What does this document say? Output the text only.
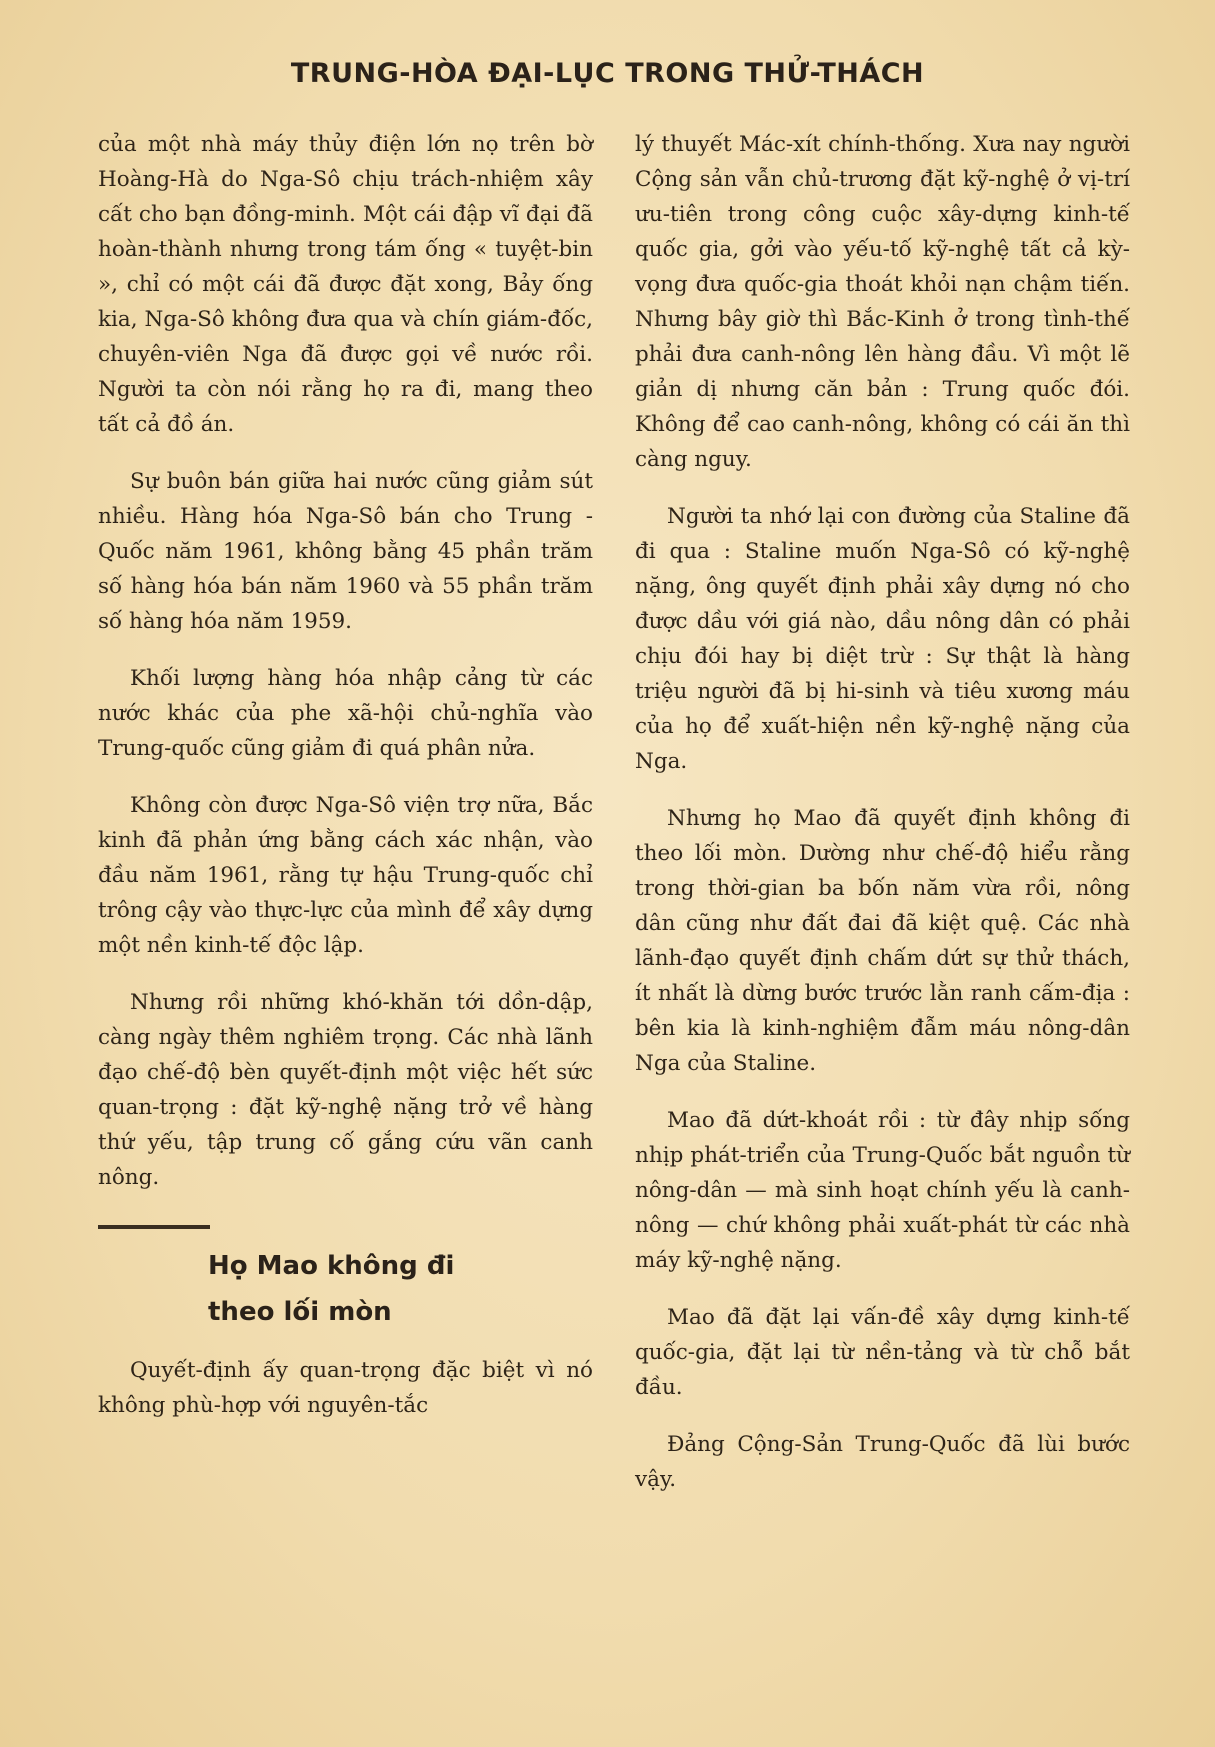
TRUNG-HÒA ĐẠI-LỤC TRONG THỬ-THÁCH

của một nhà máy thủy điện lớn nọ trên bờ Hoàng-Hà do Nga-Sô chịu trách-nhiệm xây cất cho bạn đồng-minh. Một cái đập vĩ đại đã hoàn-thành nhưng trong tám ống « tuyệt-bin », chỉ có một cái đã được đặt xong, Bảy ống kia, Nga-Sô không đưa qua và chín giám-đốc, chuyên-viên Nga đã được gọi về nước rồi. Người ta còn nói rằng họ ra đi, mang theo tất cả đồ án.

Sự buôn bán giữa hai nước cũng giảm sút nhiều. Hàng hóa Nga-Sô bán cho Trung - Quốc năm 1961, không bằng 45 phần trăm số hàng hóa bán năm 1960 và 55 phần trăm số hàng hóa năm 1959.

Khối lượng hàng hóa nhập cảng từ các nước khác của phe xã-hội chủ-nghĩa vào Trung-quốc cũng giảm đi quá phân nửa.

Không còn được Nga-Sô viện trợ nữa, Bắc kinh đã phản ứng bằng cách xác nhận, vào đầu năm 1961, rằng tự hậu Trung-quốc chỉ trông cậy vào thực-lực của mình để xây dựng một nền kinh-tế độc lập.

Nhưng rồi những khó-khăn tới dồn-dập, càng ngày thêm nghiêm trọng. Các nhà lãnh đạo chế-độ bèn quyết-định một việc hết sức quan-trọng : đặt kỹ-nghệ nặng trở về hàng thứ yếu, tập trung cố gắng cứu vãn canh nông.

Họ Mao không đi
theo lối mòn

Quyết-định ấy quan-trọng đặc biệt vì nó không phù-hợp với nguyên-tắc

lý thuyết Mác-xít chính-thống. Xưa nay người Cộng sản vẫn chủ-trương đặt kỹ-nghệ ở vị-trí ưu-tiên trong công cuộc xây-dựng kinh-tế quốc gia, gởi vào yếu-tố kỹ-nghệ tất cả kỳ-vọng đưa quốc-gia thoát khỏi nạn chậm tiến. Nhưng bây giờ thì Bắc-Kinh ở trong tình-thế phải đưa canh-nông lên hàng đầu. Vì một lẽ giản dị nhưng căn bản : Trung quốc đói. Không để cao canh-nông, không có cái ăn thì càng nguy.

Người ta nhớ lại con đường của Staline đã đi qua : Staline muốn Nga-Sô có kỹ-nghệ nặng, ông quyết định phải xây dựng nó cho được dầu với giá nào, dầu nông dân có phải chịu đói hay bị diệt trừ : Sự thật là hàng triệu người đã bị hi-sinh và tiêu xương máu của họ để xuất-hiện nền kỹ-nghệ nặng của Nga.

Nhưng họ Mao đã quyết định không đi theo lối mòn. Dường như chế-độ hiểu rằng trong thời-gian ba bốn năm vừa rồi, nông dân cũng như đất đai đã kiệt quệ. Các nhà lãnh-đạo quyết định chấm dứt sự thử thách, ít nhất là dừng bước trước lằn ranh cấm-địa : bên kia là kinh-nghiệm đẫm máu nông-dân Nga của Staline.

Mao đã dứt-khoát rồi : từ đây nhịp sống nhịp phát-triển của Trung-Quốc bắt nguồn từ nông-dân — mà sinh hoạt chính yếu là canh-nông — chứ không phải xuất-phát từ các nhà máy kỹ-nghệ nặng.

Mao đã đặt lại vấn-đề xây dựng kinh-tế quốc-gia, đặt lại từ nền-tảng và từ chỗ bắt đầu.

Đảng Cộng-Sản Trung-Quốc đã lùi bước vậy.
